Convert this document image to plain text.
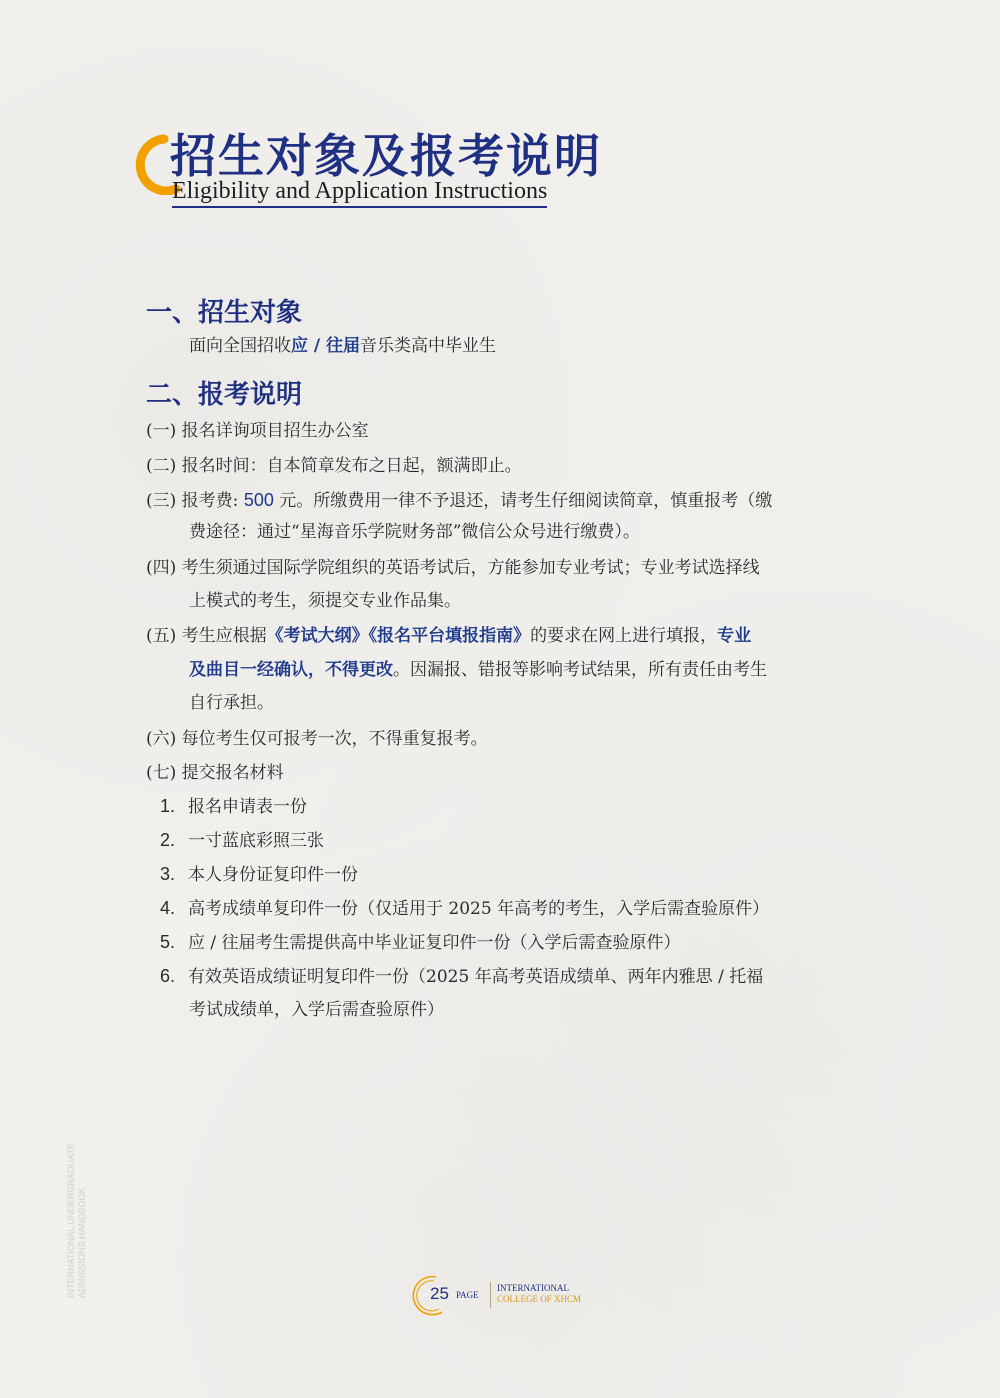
招生对象及报考说明
Eligibility and Application Instructions
一、招生对象
面向全国招收应 / 往届音乐类高中毕业生
二、报考说明
(一) 报名详询项目招生办公室
(二) 报名时间：自本简章发布之日起，额满即止。
(三) 报考费: 500 元。所缴费用一律不予退还，请考生仔细阅读简章，慎重报考（缴
费途径：通过“星海音乐学院财务部”微信公众号进行缴费）。
(四) 考生须通过国际学院组织的英语考试后，方能参加专业考试；专业考试选择线
上模式的考生，须提交专业作品集。
(五) 考生应根据《考试大纲》《报名平台填报指南》的要求在网上进行填报，专业
及曲目一经确认，不得更改。因漏报、错报等影响考试结果，所有责任由考生
自行承担。
(六) 每位考生仅可报考一次，不得重复报考。
(七) 提交报名材料
1. 报名申请表一份
2. 一寸蓝底彩照三张
3. 本人身份证复印件一份
4. 高考成绩单复印件一份（仅适用于 2025 年高考的考生，入学后需查验原件）
5. 应 / 往届考生需提供高中毕业证复印件一份（入学后需查验原件）
6. 有效英语成绩证明复印件一份（2025 年高考英语成绩单、两年内雅思 / 托福
考试成绩单，入学后需查验原件）
INTERNATIONAL UNDERGRADUATE ADMISSIONS HANDBOOK	25 PAGE
INTERNATIONAL
COLLEGE OF XHCM
